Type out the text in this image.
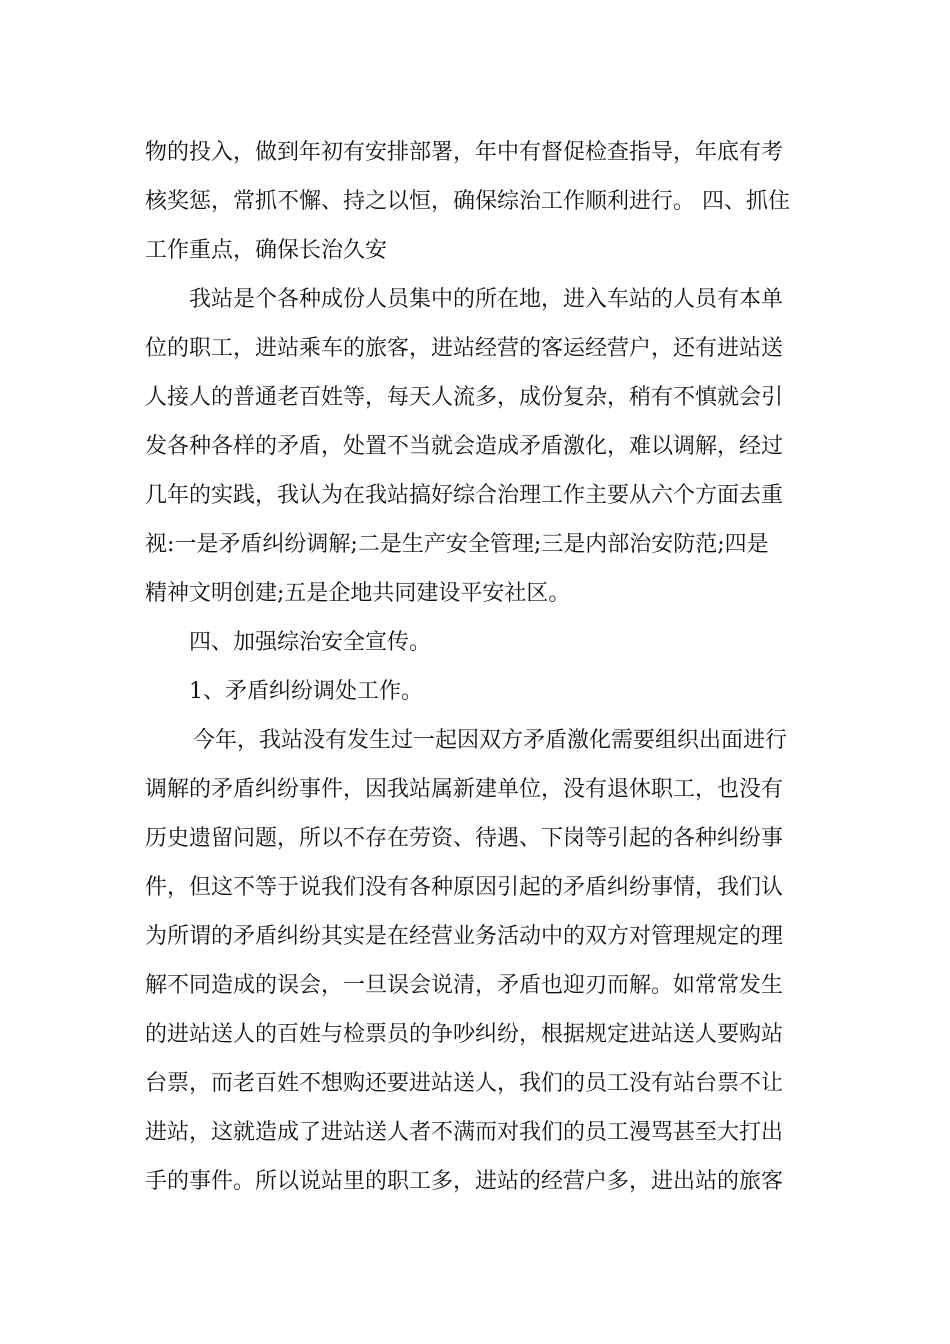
物的投入，做到年初有安排部署，年中有督促检查指导，年底有考
核奖惩，常抓不懈、持之以恒，确保综治工作顺利进行。 四、抓住
工作重点，确保长治久安
我站是个各种成份人员集中的所在地，进入车站的人员有本单
位的职工，进站乘车的旅客，进站经营的客运经营户，还有进站送
人接人的普通老百姓等，每天人流多，成份复杂，稍有不慎就会引
发各种各样的矛盾，处置不当就会造成矛盾激化，难以调解，经过
几年的实践，我认为在我站搞好综合治理工作主要从六个方面去重
视:一是矛盾纠纷调解;二是生产安全管理;三是内部治安防范;四是
精神文明创建;五是企地共同建设平安社区。
四、加强综治安全宣传。
1、矛盾纠纷调处工作。
今年，我站没有发生过一起因双方矛盾激化需要组织出面进行
调解的矛盾纠纷事件，因我站属新建单位，没有退休职工，也没有
历史遗留问题，所以不存在劳资、待遇、下岗等引起的各种纠纷事
件，但这不等于说我们没有各种原因引起的矛盾纠纷事情，我们认
为所谓的矛盾纠纷其实是在经营业务活动中的双方对管理规定的理
解不同造成的误会，一旦误会说清，矛盾也迎刃而解。如常常发生
的进站送人的百姓与检票员的争吵纠纷，根据规定进站送人要购站
台票，而老百姓不想购还要进站送人，我们的员工没有站台票不让
进站，这就造成了进站送人者不满而对我们的员工漫骂甚至大打出
手的事件。所以说站里的职工多，进站的经营户多，进出站的旅客
